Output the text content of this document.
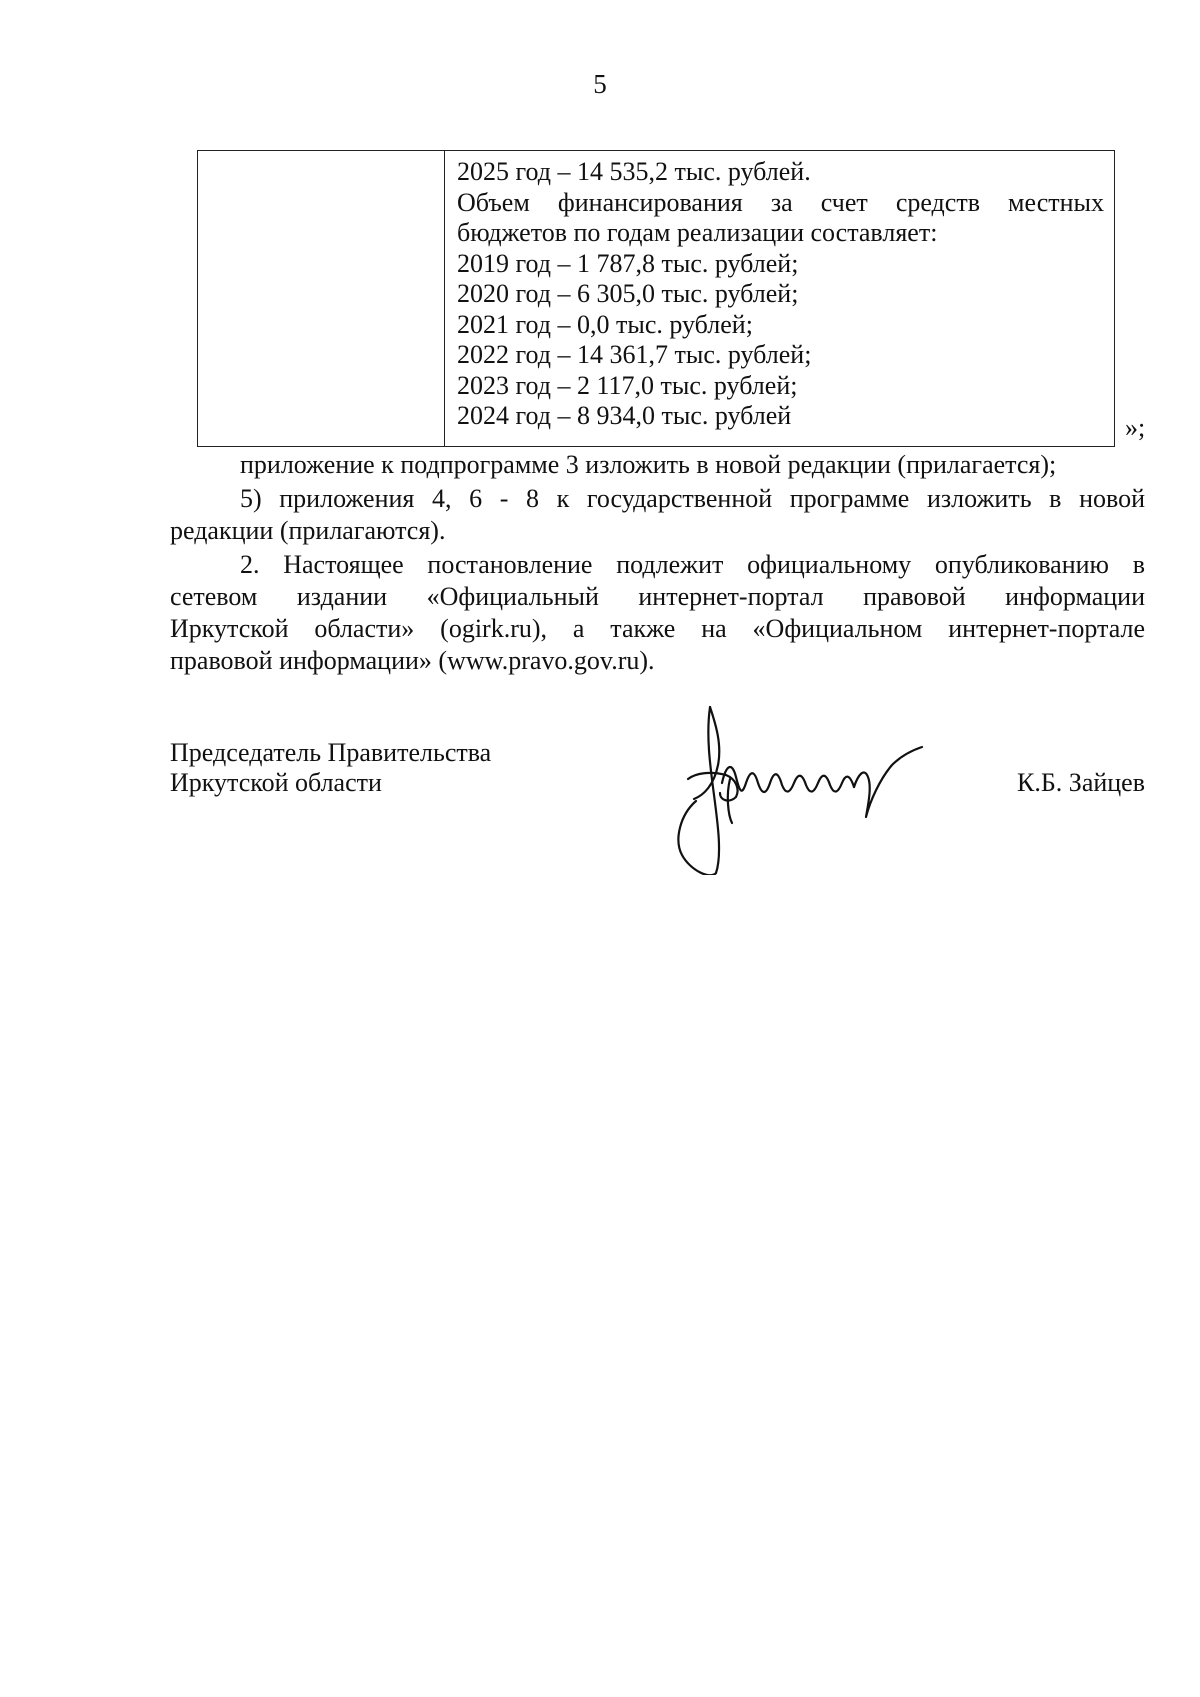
5
2025 год – 14 535,2 тыс. рублей.
Объем финансирования за счет средств местных
бюджетов по годам реализации составляет:
2019 год – 1 787,8 тыс. рублей;
2020 год – 6 305,0 тыс. рублей;
2021 год – 0,0 тыс. рублей;
2022 год – 14 361,7 тыс. рублей;
2023 год – 2 117,0 тыс. рублей;
2024 год – 8 934,0 тыс. рублей	»;
приложение к подпрограмме 3 изложить в новой редакции (прилагается);
5) приложения 4, 6 - 8 к государственной программе изложить в новой
редакции (прилагаются).
2. Настоящее постановление подлежит официальному опубликованию в
сетевом издании «Официальный интернет-портал правовой информации
Иркутской области» (ogirk.ru), а также на «Официальном интернет-портале
правовой информации» (www.pravo.gov.ru).
Председатель Правительства
Иркутской области	К.Б. Зайцев
